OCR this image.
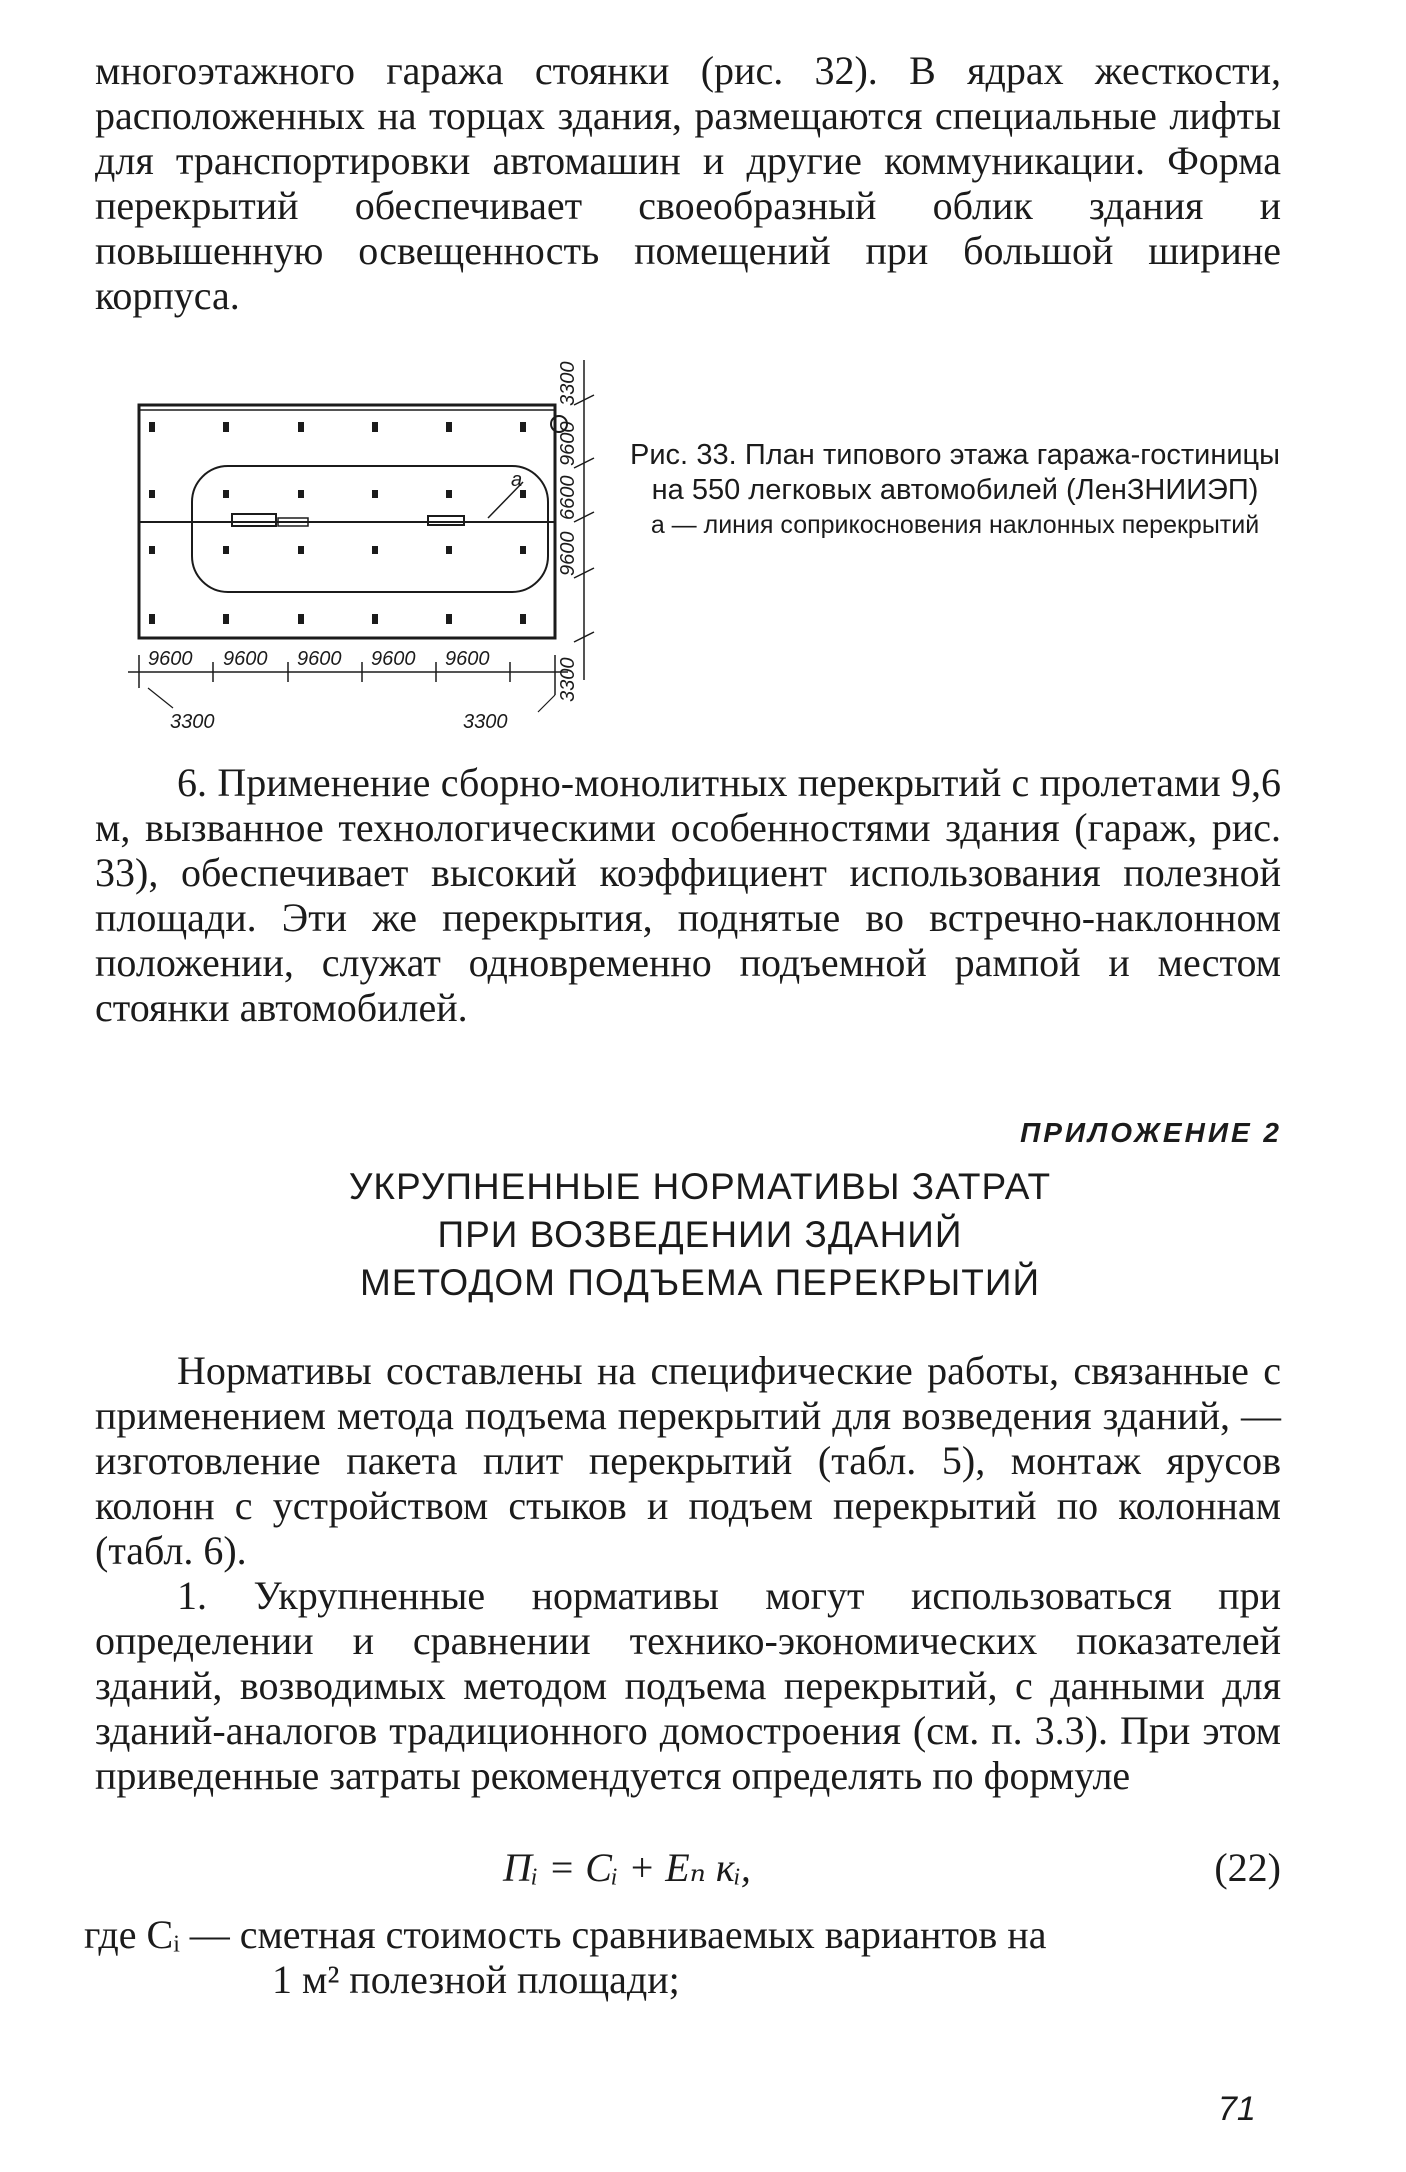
многоэтажного гаража стоянки (рис. 32). В ядрах жесткости, расположенных на торцах здания, размещаются специальные лифты для транспортировки автомашин и другие коммуникации. Форма перекрытий обеспечивает своеобразный облик здания и повышенную освещенность помещений при большой ширине корпуса.

а
9600 9600 9600 9600 9600
3300	3300
3300
9600
6600
9600
3300

Рис. 33. План типового этажа гаража-гостиницы на 550 легковых автомобилей (ЛенЗНИИЭП)

а — линия соприкосновения наклонных перекрытий

6. Применение сборно-монолитных перекрытий с пролетами 9,6 м, вызванное технологическими особенностями здания (гараж, рис. 33), обеспечивает высокий коэффициент использования полезной площади. Эти же перекрытия, поднятые во встречно-наклонном положении, служат одновременно подъемной рампой и местом стоянки автомобилей.

ПРИЛОЖЕНИЕ 2
УКРУПНЕННЫЕ НОРМАТИВЫ ЗАТРАТ
ПРИ ВОЗВЕДЕНИИ ЗДАНИЙ
МЕТОДОМ ПОДЪЕМА ПЕРЕКРЫТИЙ

Нормативы составлены на специфические работы, связанные с применением метода подъема перекрытий для возведения зданий, — изготовление пакета плит перекрытий (табл. 5), монтаж ярусов колонн с устройством стыков и подъем перекрытий по колоннам (табл. 6).

1. Укрупненные нормативы могут использоваться при определении и сравнении технико-экономических показателей зданий, возводимых методом подъема перекрытий, с данными для зданий-аналогов традиционного домостроения (см. п. 3.3). При этом приведенные затраты рекомендуется определять по формуле

Пᵢ = Cᵢ + Eₙ кᵢ,	(22)
где Cᵢ — сметная стоимость сравниваемых вариантов на
1 м² полезной площади;
71
